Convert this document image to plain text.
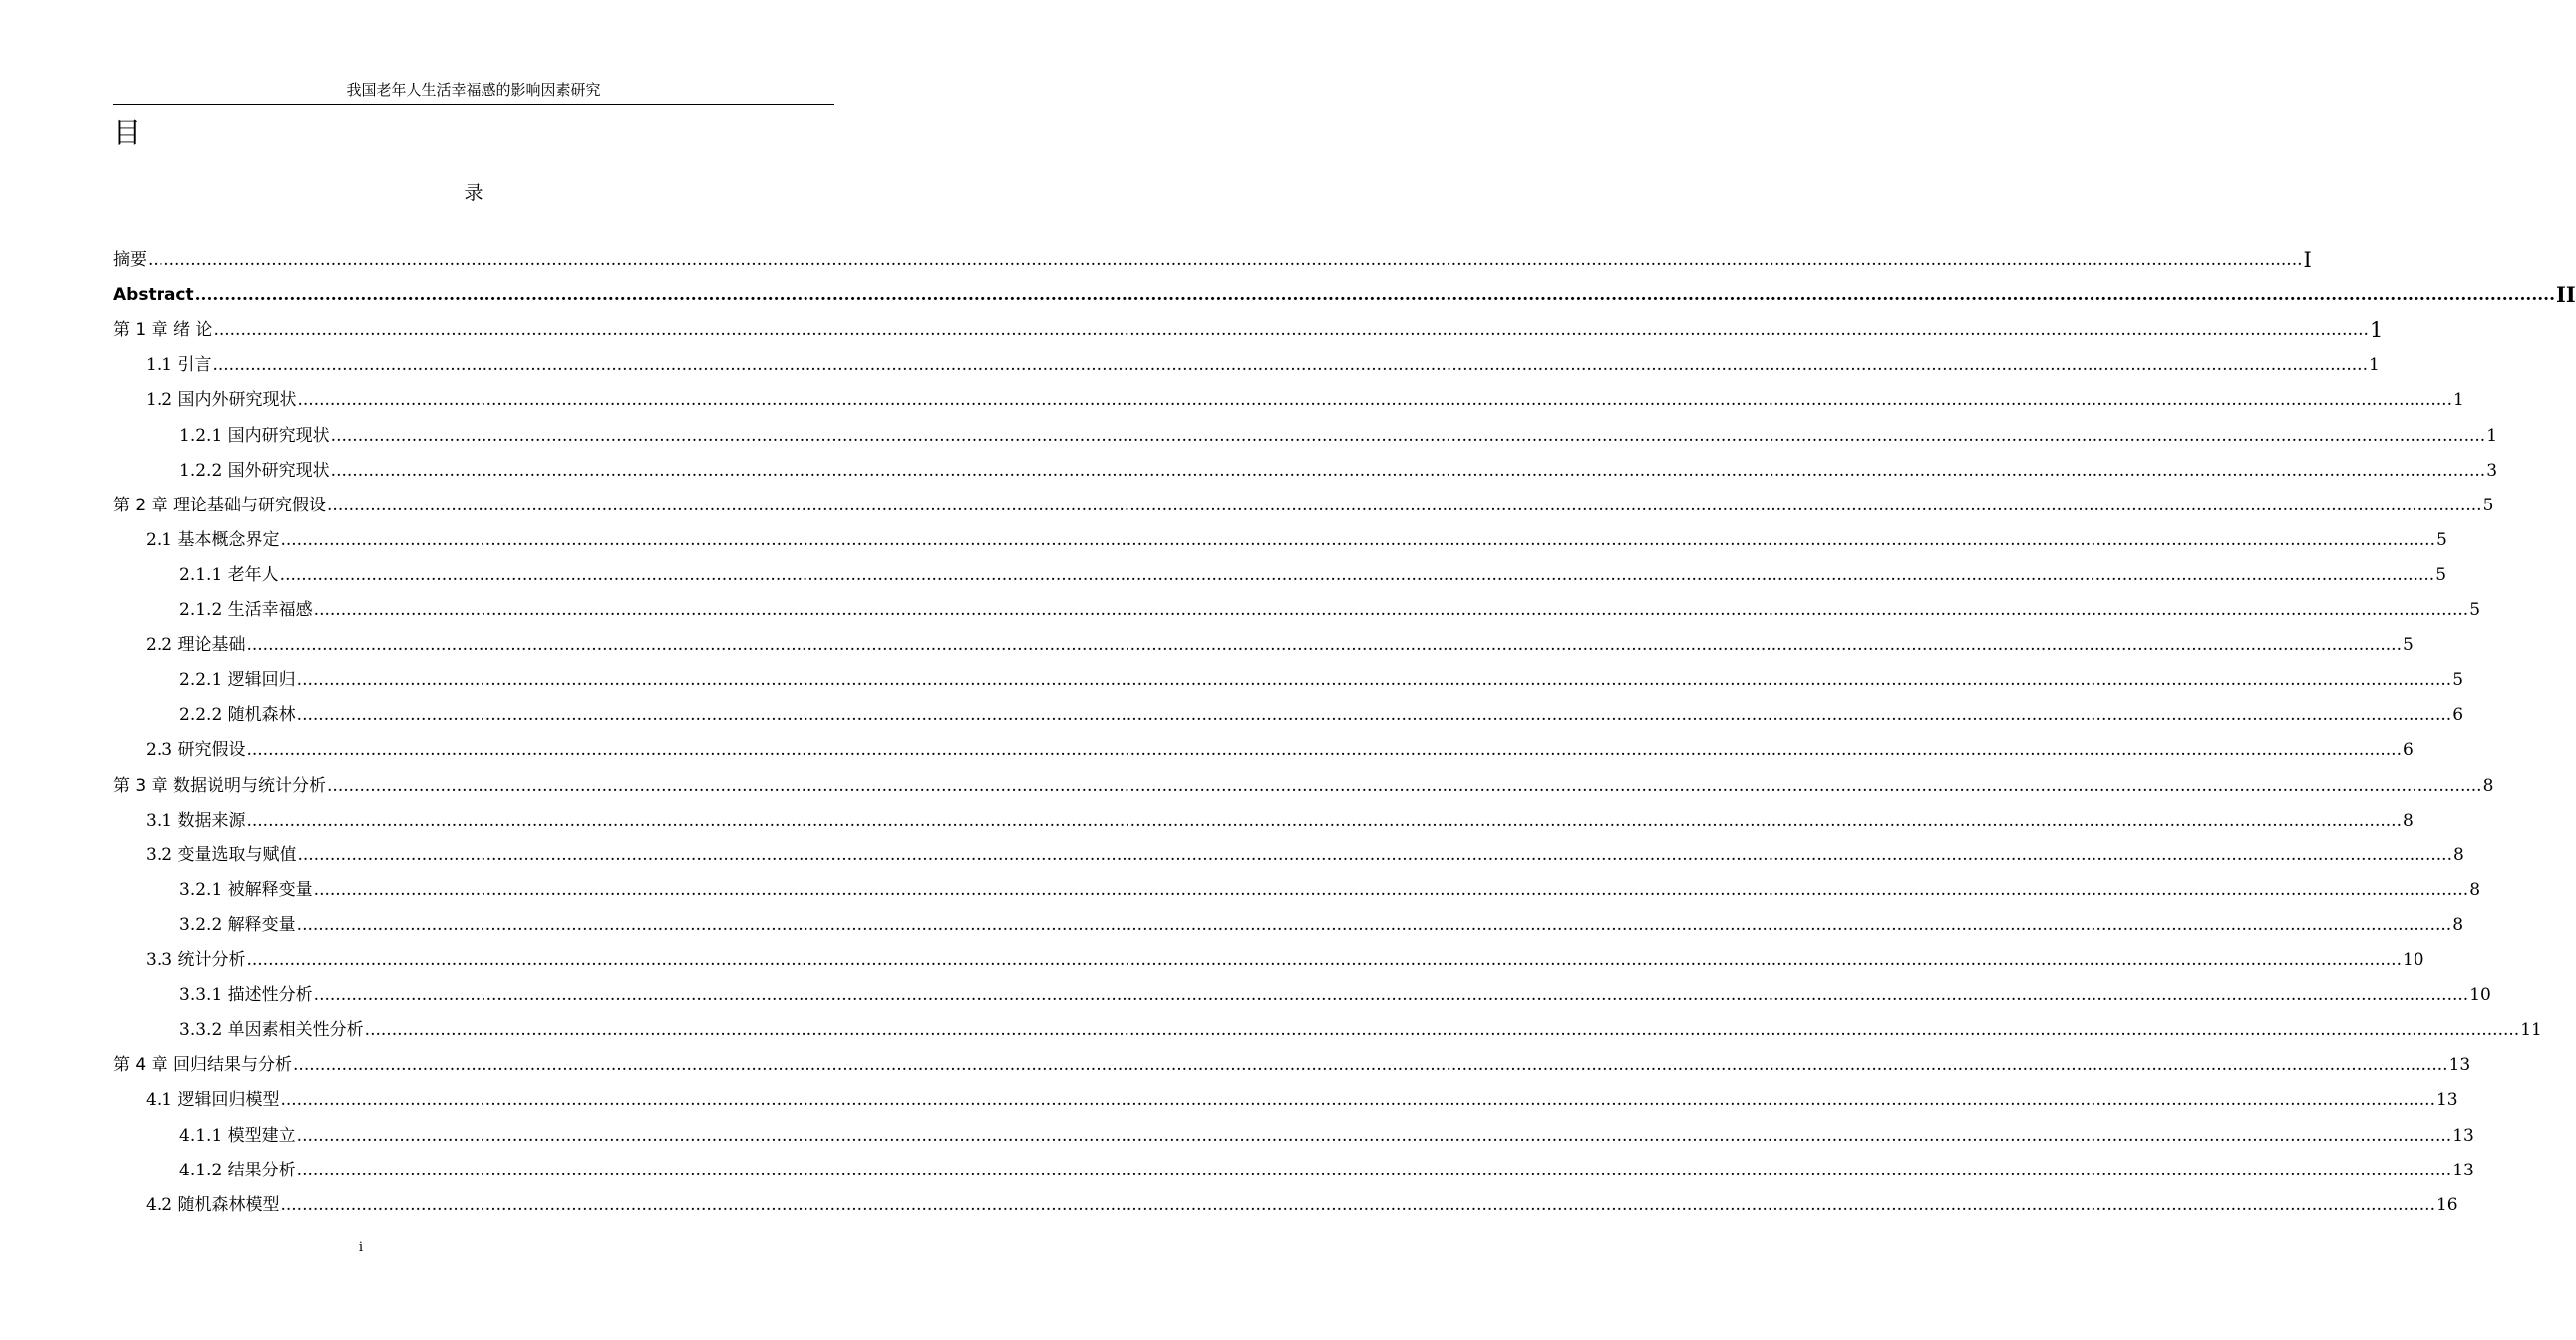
我国老年人生活幸福感的影响因素研究
目
录
摘要 ................................................................................................................................................................................................................................................................................................................................................................................................................ I
Abstract ................................................................................................................................................................................................................................................................................................................................................................................................................ II
第 1 章 绪 论 ................................................................................................................................................................................................................................................................................................................................................................................................................ 1
1.1 引言 ................................................................................................................................................................................................................................................................................................................................................................................................................ 1
1.2 国内外研究现状 ................................................................................................................................................................................................................................................................................................................................................................................................................ 1
1.2.1 国内研究现状 ................................................................................................................................................................................................................................................................................................................................................................................................................ 1
1.2.2 国外研究现状 ................................................................................................................................................................................................................................................................................................................................................................................................................ 3
第 2 章 理论基础与研究假设 ................................................................................................................................................................................................................................................................................................................................................................................................................ 5
2.1 基本概念界定 ................................................................................................................................................................................................................................................................................................................................................................................................................ 5
2.1.1 老年人 ................................................................................................................................................................................................................................................................................................................................................................................................................ 5
2.1.2 生活幸福感 ................................................................................................................................................................................................................................................................................................................................................................................................................ 5
2.2 理论基础 ................................................................................................................................................................................................................................................................................................................................................................................................................ 5
2.2.1 逻辑回归 ................................................................................................................................................................................................................................................................................................................................................................................................................ 5
2.2.2 随机森林 ................................................................................................................................................................................................................................................................................................................................................................................................................ 6
2.3 研究假设 ................................................................................................................................................................................................................................................................................................................................................................................................................ 6
第 3 章 数据说明与统计分析 ................................................................................................................................................................................................................................................................................................................................................................................................................ 8
3.1 数据来源 ................................................................................................................................................................................................................................................................................................................................................................................................................ 8
3.2 变量选取与赋值 ................................................................................................................................................................................................................................................................................................................................................................................................................ 8
3.2.1 被解释变量 ................................................................................................................................................................................................................................................................................................................................................................................................................ 8
3.2.2 解释变量 ................................................................................................................................................................................................................................................................................................................................................................................................................ 8
3.3 统计分析 ................................................................................................................................................................................................................................................................................................................................................................................................................ 10
3.3.1 描述性分析 ................................................................................................................................................................................................................................................................................................................................................................................................................ 10
3.3.2 单因素相关性分析 ................................................................................................................................................................................................................................................................................................................................................................................................................ 11
第 4 章 回归结果与分析 ................................................................................................................................................................................................................................................................................................................................................................................................................ 13
4.1 逻辑回归模型 ................................................................................................................................................................................................................................................................................................................................................................................................................ 13
4.1.1 模型建立 ................................................................................................................................................................................................................................................................................................................................................................................................................ 13
4.1.2 结果分析 ................................................................................................................................................................................................................................................................................................................................................................................................................ 13
4.2 随机森林模型 ................................................................................................................................................................................................................................................................................................................................................................................................................ 16
i
